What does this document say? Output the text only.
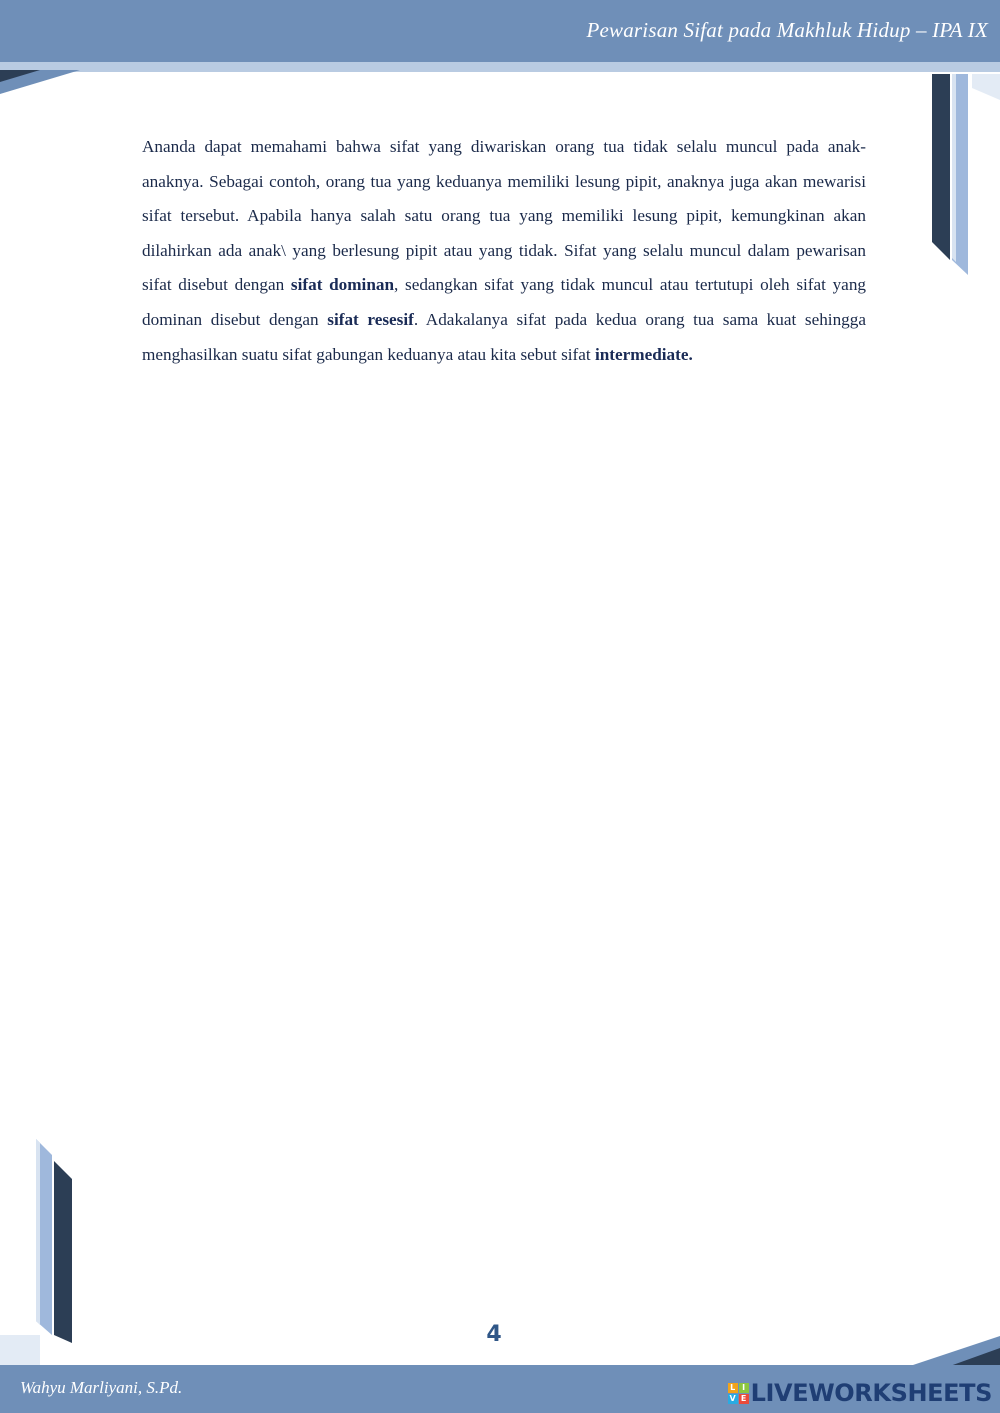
Pewarisan Sifat pada Makhluk Hidup – IPA IX
Ananda dapat memahami bahwa sifat yang diwariskan orang tua tidak selalu muncul pada anak-anaknya. Sebagai contoh, orang tua yang keduanya memiliki lesung pipit, anaknya juga akan mewarisi sifat tersebut. Apabila hanya salah satu orang tua yang memiliki lesung pipit, kemungkinan akan dilahirkan ada anak\ yang berlesung pipit atau yang tidak. Sifat yang selalu muncul dalam pewarisan sifat disebut dengan sifat dominan, sedangkan sifat yang tidak muncul atau tertutupi oleh sifat yang dominan disebut dengan sifat resesif. Adakalanya sifat pada kedua orang tua sama kuat sehingga menghasilkan suatu sifat gabungan keduanya atau kita sebut sifat intermediate.
4
Wahyu Marliyani, S.Pd.	L I
V E LIVEWORKSHEETS
